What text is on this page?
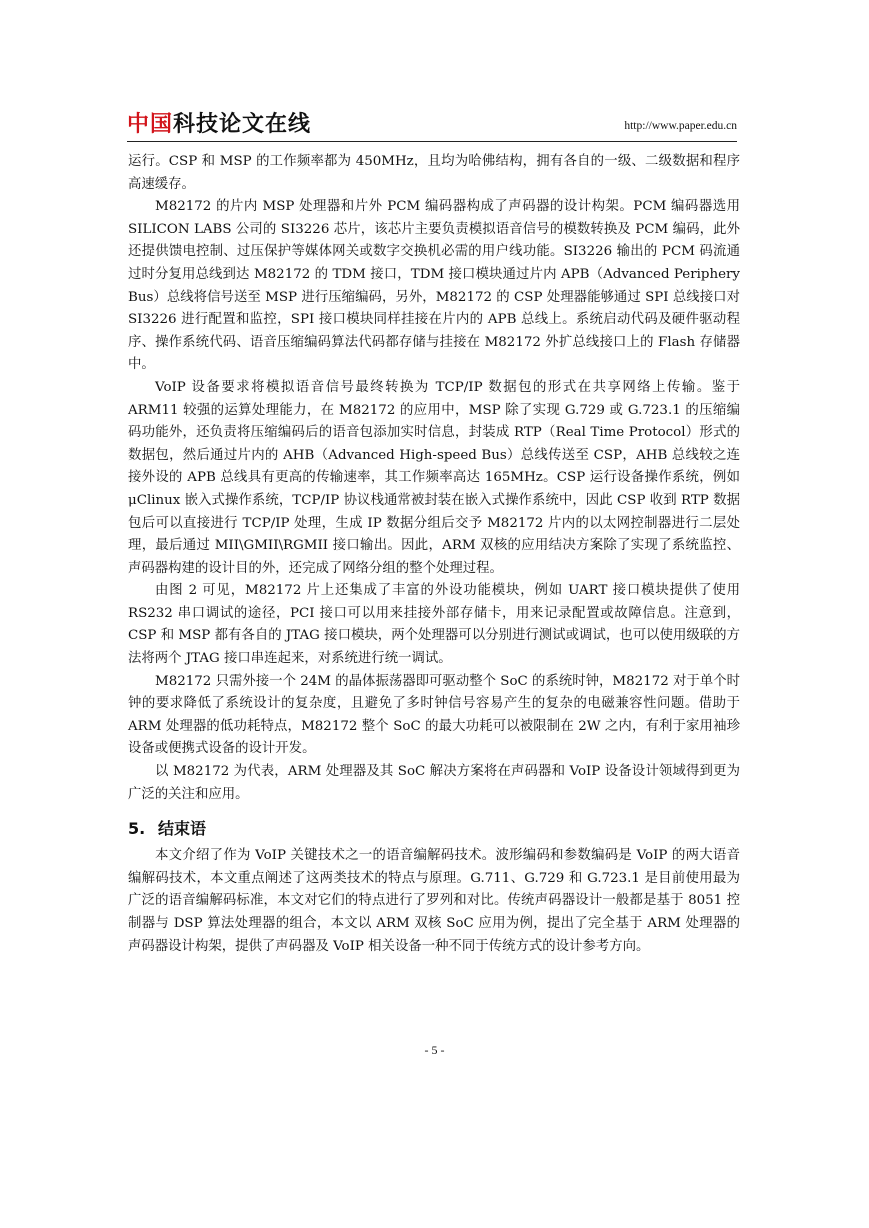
中国科技论文在线	http://www.paper.edu.cn

运行。CSP 和 MSP 的工作频率都为 450MHz，且均为哈佛结构，拥有各自的一级、二级数据和程序高速缓存。

M82172 的片内 MSP 处理器和片外 PCM 编码器构成了声码器的设计构架。PCM 编码器选用 SILICON LABS 公司的 SI3226 芯片，该芯片主要负责模拟语音信号的模数转换及 PCM 编码，此外还提供馈电控制、过压保护等媒体网关或数字交换机必需的用户线功能。SI3226 输出的 PCM 码流通过时分复用总线到达 M82172 的 TDM 接口，TDM 接口模块通过片内 APB（Advanced Periphery Bus）总线将信号送至 MSP 进行压缩编码，另外，M82172 的 CSP 处理器能够通过 SPI 总线接口对 SI3226 进行配置和监控，SPI 接口模块同样挂接在片内的 APB 总线上。系统启动代码及硬件驱动程序、操作系统代码、语音压缩编码算法代码都存储与挂接在 M82172 外扩总线接口上的 Flash 存储器中。

VoIP 设备要求将模拟语音信号最终转换为 TCP/IP 数据包的形式在共享网络上传输。鉴于 ARM11 较强的运算处理能力，在 M82172 的应用中，MSP 除了实现 G.729 或 G.723.1 的压缩编码功能外，还负责将压缩编码后的语音包添加实时信息，封装成 RTP（Real Time Protocol）形式的数据包，然后通过片内的 AHB（Advanced High-speed Bus）总线传送至 CSP，AHB 总线较之连接外设的 APB 总线具有更高的传输速率，其工作频率高达 165MHz。CSP 运行设备操作系统，例如 μClinux 嵌入式操作系统，TCP/IP 协议栈通常被封装在嵌入式操作系统中，因此 CSP 收到 RTP 数据包后可以直接进行 TCP/IP 处理，生成 IP 数据分组后交予 M82172 片内的以太网控制器进行二层处理，最后通过 MII\GMII\RGMII 接口输出。因此，ARM 双核的应用结决方案除了实现了系统监控、声码器构建的设计目的外，还完成了网络分组的整个处理过程。

由图 2 可见，M82172 片上还集成了丰富的外设功能模块，例如 UART 接口模块提供了使用 RS232 串口调试的途径，PCI 接口可以用来挂接外部存储卡，用来记录配置或故障信息。注意到，CSP 和 MSP 都有各自的 JTAG 接口模块，两个处理器可以分别进行测试或调试，也可以使用级联的方法将两个 JTAG 接口串连起来，对系统进行统一调试。

M82172 只需外接一个 24M 的晶体振荡器即可驱动整个 SoC 的系统时钟，M82172 对于单个时钟的要求降低了系统设计的复杂度，且避免了多时钟信号容易产生的复杂的电磁兼容性问题。借助于 ARM 处理器的低功耗特点，M82172 整个 SoC 的最大功耗可以被限制在 2W 之内，有利于家用袖珍设备或便携式设备的设计开发。

以 M82172 为代表，ARM 处理器及其 SoC 解决方案将在声码器和 VoIP 设备设计领域得到更为广泛的关注和应用。

5. 结束语

本文介绍了作为 VoIP 关键技术之一的语音编解码技术。波形编码和参数编码是 VoIP 的两大语音编解码技术，本文重点阐述了这两类技术的特点与原理。G.711、G.729 和 G.723.1 是目前使用最为广泛的语音编解码标准，本文对它们的特点进行了罗列和对比。传统声码器设计一般都是基于 8051 控制器与 DSP 算法处理器的组合，本文以 ARM 双核 SoC 应用为例，提出了完全基于 ARM 处理器的声码器设计构架，提供了声码器及 VoIP 相关设备一种不同于传统方式的设计参考方向。

- 5 -
